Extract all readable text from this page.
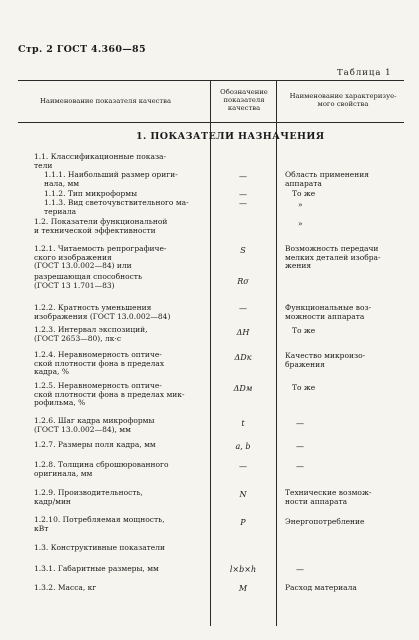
Стр. 2 ГОСТ 4.360—85
Таблица 1
Наименование показателя качества
Обозначение
показателя
качества
Наименование характеризуе-
мого свойства
1. ПОКАЗАТЕЛИ НАЗНАЧЕНИЯ
1.1. Классификационные показа-
тели
1.1.1. Наибольший размер ориги-
нала, мм
—	Область применения
аппарата
1.1.2. Тип микроформы	—	То же
1.1.3. Вид светочувствительного ма-
териала
—	»
1.2. Показатели функциональной
и технической эффективности
»
1.2.1. Читаемость репрографиче-
ского изображения
(ГОСТ 13.0.002—84) или
S	Возможность передачи
мелких деталей изобра-
жения
разрешающая способность
(ГОСТ 13 1.701—83)	Rσ
1.2.2. Кратность уменьшения
изображения (ГОСТ 13.0.002—84)
—	Функциональные воз-
можности аппарата
1.2.3. Интервал экспозиций,
(ГОСТ 2653—80), лк·с
ΔH	То же
1.2.4. Неравномерность оптиче-
ской плотности фона в пределах
кадра, %
ΔDк	Качество микроизо-
бражения
1.2.5. Неравномерность оптиче-
ской плотности фона в пределах мик-
рофильма, %
ΔDм	То же
1.2.6. Шаг кадра микроформы
(ГОСТ 13.0.002—84), мм
t	—
1.2.7. Размеры поля кадра, мм	a, b	—
1.2.8. Толщина сброшюрованного
оригинала, мм
—	—
1.2.9. Производительность,
кадр/мин
N	Технические возмож-
ности аппарата
1.2.10. Потребляемая мощность,
кВт
P	Энергопотребление
1.3. Конструктивные показатели
1.3.1. Габаритные размеры, мм	l×b×h	—
1.3.2. Масса, кг	M	Расход материала
